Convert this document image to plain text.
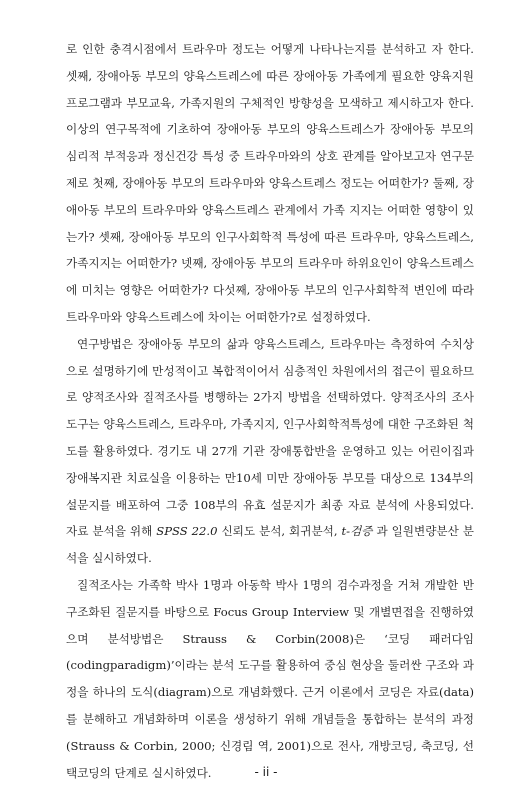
로 인한 충격시점에서 트라우마 정도는 어떻게 나타나는지를 분석하고 자 한다. 셋째, 장애아동 부모의 양육스트레스에 따른 장애아동 가족에게 필요한 양육지원 프로그램과 부모교육, 가족지원의 구체적인 방향성을 모색하고 제시하고자 한다. 이상의 연구목적에 기초하여 장애아동 부모의 양육스트레스가 장애아동 부모의 심리적 부적응과 정신건강 특성 중 트라우마와의 상호 관계를 알아보고자 연구문제로 첫째, 장애아동 부모의 트라우마와 양육스트레스 정도는 어떠한가? 둘째, 장애아동 부모의 트라우마와 양육스트레스 관계에서 가족 지지는 어떠한 영향이 있는가? 셋째, 장애아동 부모의 인구사회학적 특성에 따른 트라우마, 양육스트레스, 가족지지는 어떠한가? 넷째, 장애아동 부모의 트라우마 하위요인이 양육스트레스에 미치는 영향은 어떠한가? 다섯째, 장애아동 부모의 인구사회학적 변인에 따라 트라우마와 양육스트레스에 차이는 어떠한가?로 설정하였다.

연구방법은 장애아동 부모의 삶과 양육스트레스, 트라우마는 측정하여 수치상으로 설명하기에 만성적이고 복합적이어서 심층적인 차원에서의 접근이 필요하므로 양적조사와 질적조사를 병행하는 2가지 방법을 선택하였다. 양적조사의 조사도구는 양육스트레스, 트라우마, 가족지지, 인구사회학적특성에 대한 구조화된 척도를 활용하였다. 경기도 내 27개 기관 장애통합반을 운영하고 있는 어린이집과 장애복지관 치료실을 이용하는 만10세 미만 장애아동 부모를 대상으로 134부의 설문지를 배포하여 그중 108부의 유효 설문지가 최종 자료 분석에 사용되었다. 자료 분석을 위해 SPSS 22.0 신뢰도 분석, 회귀분석, t-검증 과 일원변량분산 분석을 실시하였다.

질적조사는 가족학 박사 1명과 아동학 박사 1명의 검수과정을 거쳐 개발한 반구조화된 질문지를 바탕으로 Focus Group Interview 및 개별면접을 진행하였으며 분석방법은 Strauss & Corbin(2008)은 ‘코딩 패러다임(codingparadigm)’이라는 분석 도구를 활용하여 중심 현상을 둘러싼 구조와 과정을 하나의 도식(diagram)으로 개념화했다. 근거 이론에서 코딩은 자료(data)를 분해하고 개념화하며 이론을 생성하기 위해 개념들을 통합하는 분석의 과정(Strauss & Corbin, 2000; 신경림 역, 2001)으로 전사, 개방코딩, 축코딩, 선택코딩의 단계로 실시하였다.	- ii -
